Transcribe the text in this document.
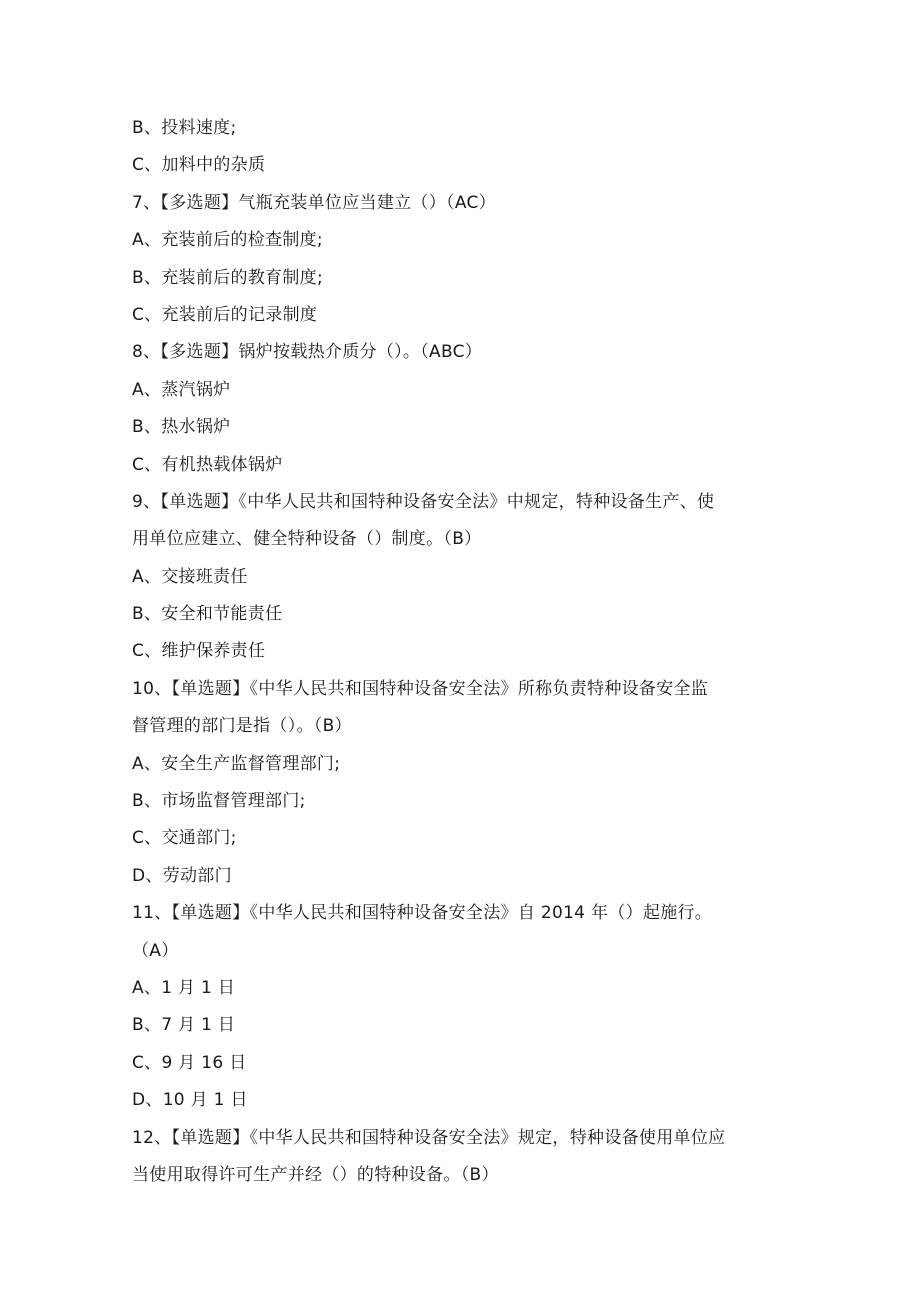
B、投料速度;
C、加料中的杂质
7、【多选题】气瓶充装单位应当建立（）（AC）
A、充装前后的检查制度;
B、充装前后的教育制度;
C、充装前后的记录制度
8、【多选题】锅炉按载热介质分（）。（ABC）
A、蒸汽锅炉
B、热水锅炉
C、有机热载体锅炉
9、【单选题】《中华人民共和国特种设备安全法》中规定，特种设备生产、使
用单位应建立、健全特种设备（）制度。（B）
A、交接班责任
B、安全和节能责任
C、维护保养责任
10、【单选题】《中华人民共和国特种设备安全法》所称负责特种设备安全监
督管理的部门是指（）。（B）
A、安全生产监督管理部门;
B、市场监督管理部门;
C、交通部门;
D、劳动部门
11、【单选题】《中华人民共和国特种设备安全法》自 2014 年（）起施行。
（A）
A、1 月 1 日
B、7 月 1 日
C、9 月 16 日
D、10 月 1 日
12、【单选题】《中华人民共和国特种设备安全法》规定，特种设备使用单位应
当使用取得许可生产并经（）的特种设备。（B）
